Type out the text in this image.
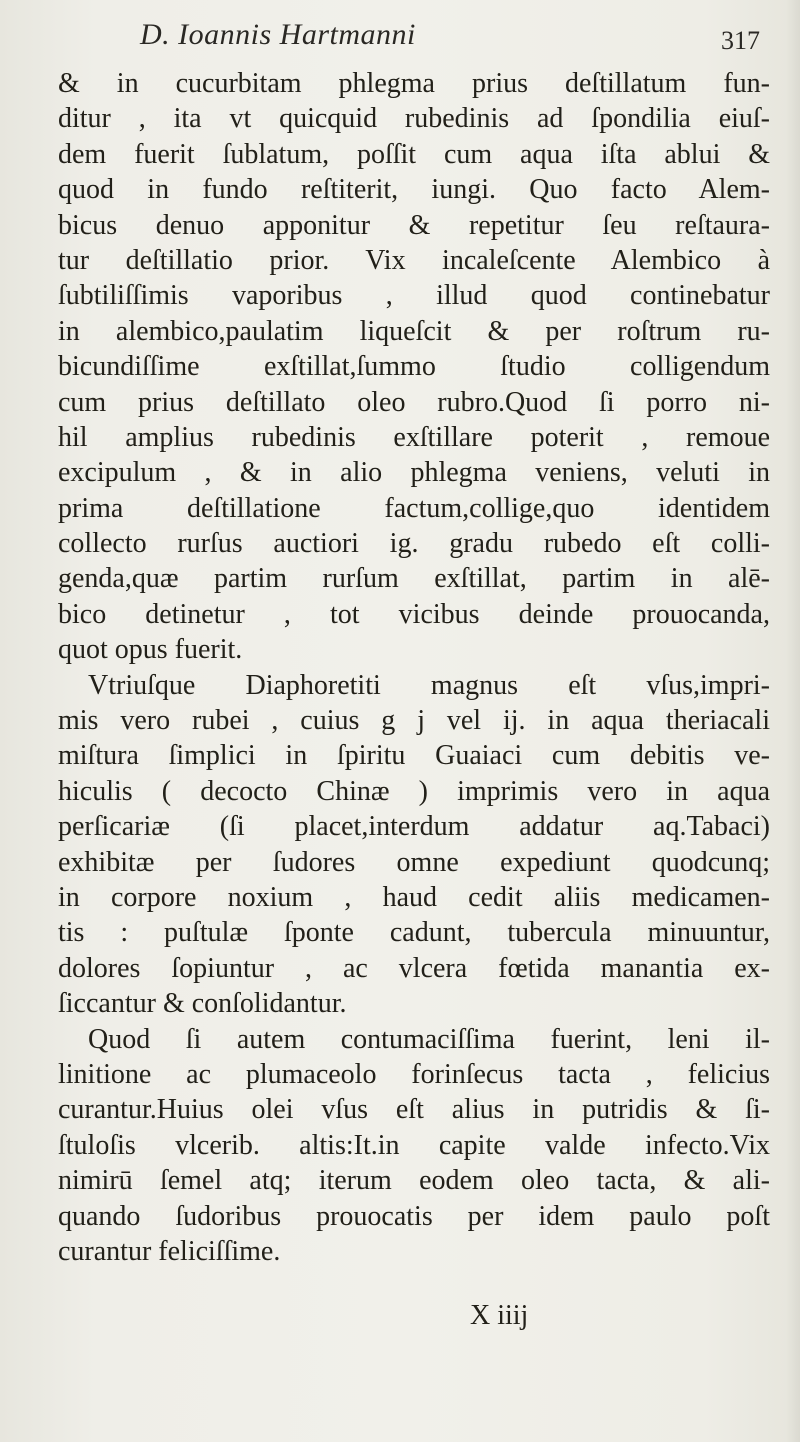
D. Ioannis Hartmanni	317
& in cucurbitam phlegma prius deſtillatum fun-
ditur , ita vt quicquid rubedinis ad ſpondilia eiuſ-
dem fuerit ſublatum, poſſit cum aqua iſta ablui &
quod in fundo reſtiterit, iungi. Quo facto Alem-
bicus denuo apponitur & repetitur ſeu reſtaura-
tur deſtillatio prior. Vix incaleſcente Alembico à
ſubtiliſſimis vaporibus , illud quod continebatur
in alembico,paulatim liqueſcit & per roſtrum ru-
bicundiſſime exſtillat,ſummo ſtudio colligendum
cum prius deſtillato oleo rubro.Quod ſi porro ni-
hil amplius rubedinis exſtillare poterit , remoue
excipulum , & in alio phlegma veniens, veluti in
prima deſtillatione factum,collige,quo identidem
collecto rurſus auctiori ig. gradu rubedo eſt colli-
genda,quæ partim rurſum exſtillat, partim in alē-
bico detinetur , tot vicibus deinde prouocanda,
quot opus fuerit.
Vtriuſque Diaphoretiti magnus eſt vſus,impri-
mis vero rubei , cuius g j vel ij. in aqua theriacali
miſtura ſimplici in ſpiritu Guaiaci cum debitis ve-
hiculis ( decocto Chinæ ) imprimis vero in aqua
perſicariæ (ſi placet,interdum addatur aq.Tabaci)
exhibitæ per ſudores omne expediunt quodcunq;
in corpore noxium , haud cedit aliis medicamen-
tis : puſtulæ ſponte cadunt, tubercula minuuntur,
dolores ſopiuntur , ac vlcera fœtida manantia ex-
ſiccantur & conſolidantur.
Quod ſi autem contumaciſſima fuerint, leni il-
linitione ac plumaceolo forinſecus tacta , felicius
curantur.Huius olei vſus eſt alius in putridis & ſi-
ſtuloſis vlcerib. altis:It.in capite valde infecto.Vix
nimirū ſemel atq; iterum eodem oleo tacta, & ali-
quando ſudoribus prouocatis per idem paulo poſt
curantur feliciſſime.
X iiij
